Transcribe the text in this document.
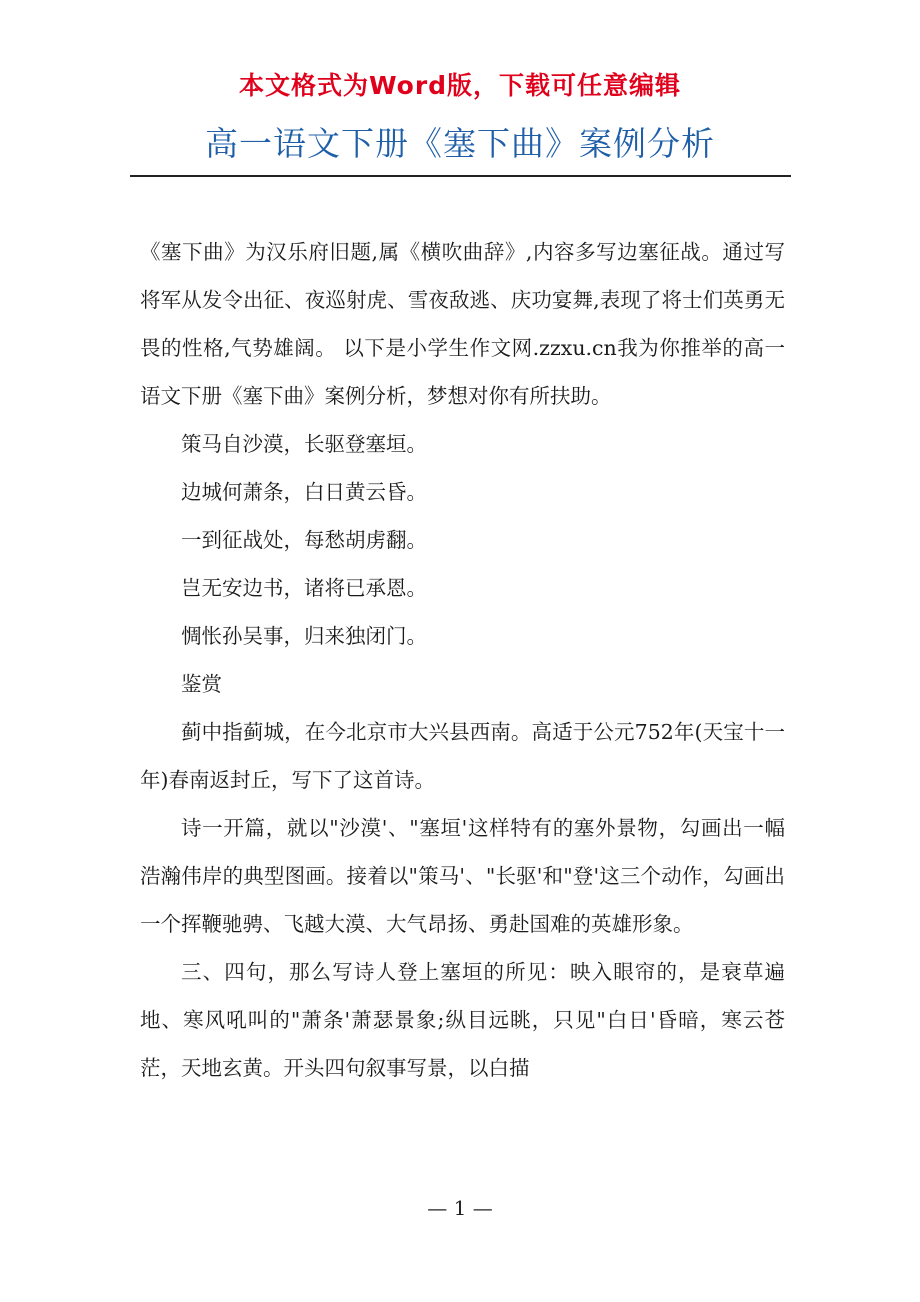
本文格式为Word版，下载可任意编辑
高一语文下册《塞下曲》案例分析

《塞下曲》为汉乐府旧题,属《横吹曲辞》,内容多写边塞征战。通过写将军从发令出征、夜巡射虎、雪夜敌逃、庆功宴舞,表现了将士们英勇无畏的性格,气势雄阔。 以下是小学生作文网.zzxu.cn我为你推举的高一语文下册《塞下曲》案例分析，梦想对你有所扶助。

策马自沙漠，长驱登塞垣。

边城何萧条，白日黄云昏。

一到征战处，每愁胡虏翻。

岂无安边书，诸将已承恩。

惆怅孙吴事，归来独闭门。

鉴赏

蓟中指蓟城，在今北京市大兴县西南。高适于公元752年(天宝十一年)春南返封丘，写下了这首诗。

诗一开篇，就以"沙漠'、"塞垣'这样特有的塞外景物，勾画出一幅浩瀚伟岸的典型图画。接着以"策马'、"长驱'和"登'这三个动作，勾画出一个挥鞭驰骋、飞越大漠、大气昂扬、勇赴国难的英雄形象。

三、四句，那么写诗人登上塞垣的所见：映入眼帘的，是衰草遍地、寒风吼叫的"萧条'萧瑟景象;纵目远眺，只见"白日'昏暗，寒云苍茫，天地玄黄。开头四句叙事写景，以白描

— 1 —
